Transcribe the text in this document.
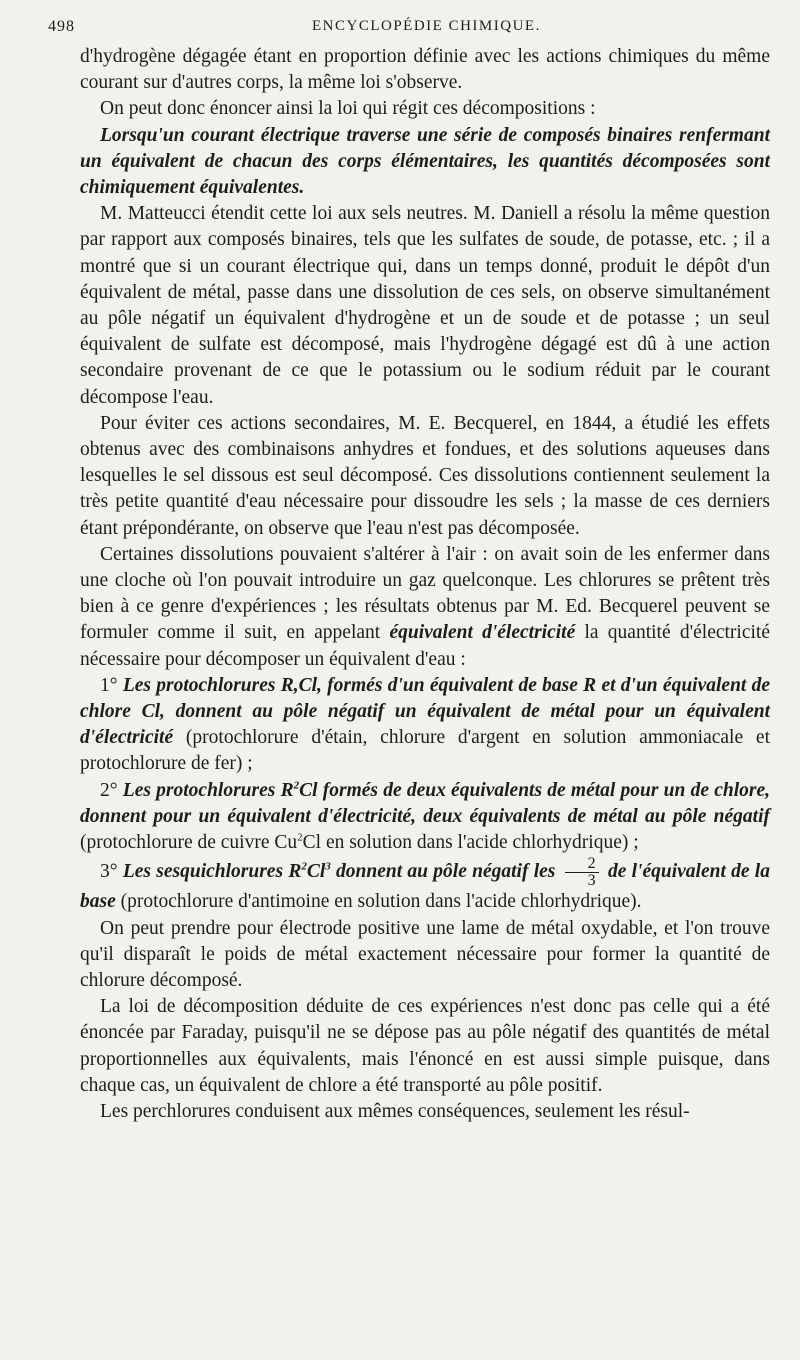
498	ENCYCLOPÉDIE CHIMIQUE.

d'hydrogène dégagée étant en proportion définie avec les actions chimiques du même courant sur d'autres corps, la même loi s'observe.

On peut donc énoncer ainsi la loi qui régit ces décompositions :

Lorsqu'un courant électrique traverse une série de composés binaires renfermant un équivalent de chacun des corps élémentaires, les quantités décomposées sont chimiquement équivalentes.

M. Matteucci étendit cette loi aux sels neutres. M. Daniell a résolu la même question par rapport aux composés binaires, tels que les sulfates de soude, de potasse, etc. ; il a montré que si un courant électrique qui, dans un temps donné, produit le dépôt d'un équivalent de métal, passe dans une dissolution de ces sels, on observe simultanément au pôle négatif un équivalent d'hydrogène et un de soude et de potasse ; un seul équivalent de sulfate est décomposé, mais l'hydrogène dégagé est dû à une action secondaire provenant de ce que le potassium ou le sodium réduit par le courant décompose l'eau.

Pour éviter ces actions secondaires, M. E. Becquerel, en 1844, a étudié les effets obtenus avec des combinaisons anhydres et fondues, et des solutions aqueuses dans lesquelles le sel dissous est seul décomposé. Ces dissolutions contiennent seulement la très petite quantité d'eau nécessaire pour dissoudre les sels ; la masse de ces derniers étant prépondérante, on observe que l'eau n'est pas décomposée.

Certaines dissolutions pouvaient s'altérer à l'air : on avait soin de les enfermer dans une cloche où l'on pouvait introduire un gaz quelconque. Les chlorures se prêtent très bien à ce genre d'expériences ; les résultats obtenus par M. Ed. Becquerel peuvent se formuler comme il suit, en appelant équivalent d'électricité la quantité d'électricité nécessaire pour décomposer un équivalent d'eau :

1° Les protochlorures R,Cl, formés d'un équivalent de base R et d'un équivalent de chlore Cl, donnent au pôle négatif un équivalent de métal pour un équivalent d'électricité (protochlorure d'étain, chlorure d'argent en solution ammoniacale et protochlorure de fer) ;

2° Les protochlorures $R^2Cl$ formés de deux équivalents de métal pour un de chlore, donnent pour un équivalent d'électricité, deux équivalents de métal au pôle négatif (protochlorure de cuivre Cu$^2$Cl en solution dans l'acide chlorhydrique) ;

3° Les sesquichlorures $R^2Cl^3$ donnent au pôle négatif les $\frac{2}{3}$ de l'équivalent de la base (protochlorure d'antimoine en solution dans l'acide chlorhydrique).

On peut prendre pour électrode positive une lame de métal oxydable, et l'on trouve qu'il disparaît le poids de métal exactement nécessaire pour former la quantité de chlorure décomposé.

La loi de décomposition déduite de ces expériences n'est donc pas celle qui a été énoncée par Faraday, puisqu'il ne se dépose pas au pôle négatif des quantités de métal proportionnelles aux équivalents, mais l'énoncé en est aussi simple puisque, dans chaque cas, un équivalent de chlore a été transporté au pôle positif.

Les perchlorures conduisent aux mêmes conséquences, seulement les résul-
